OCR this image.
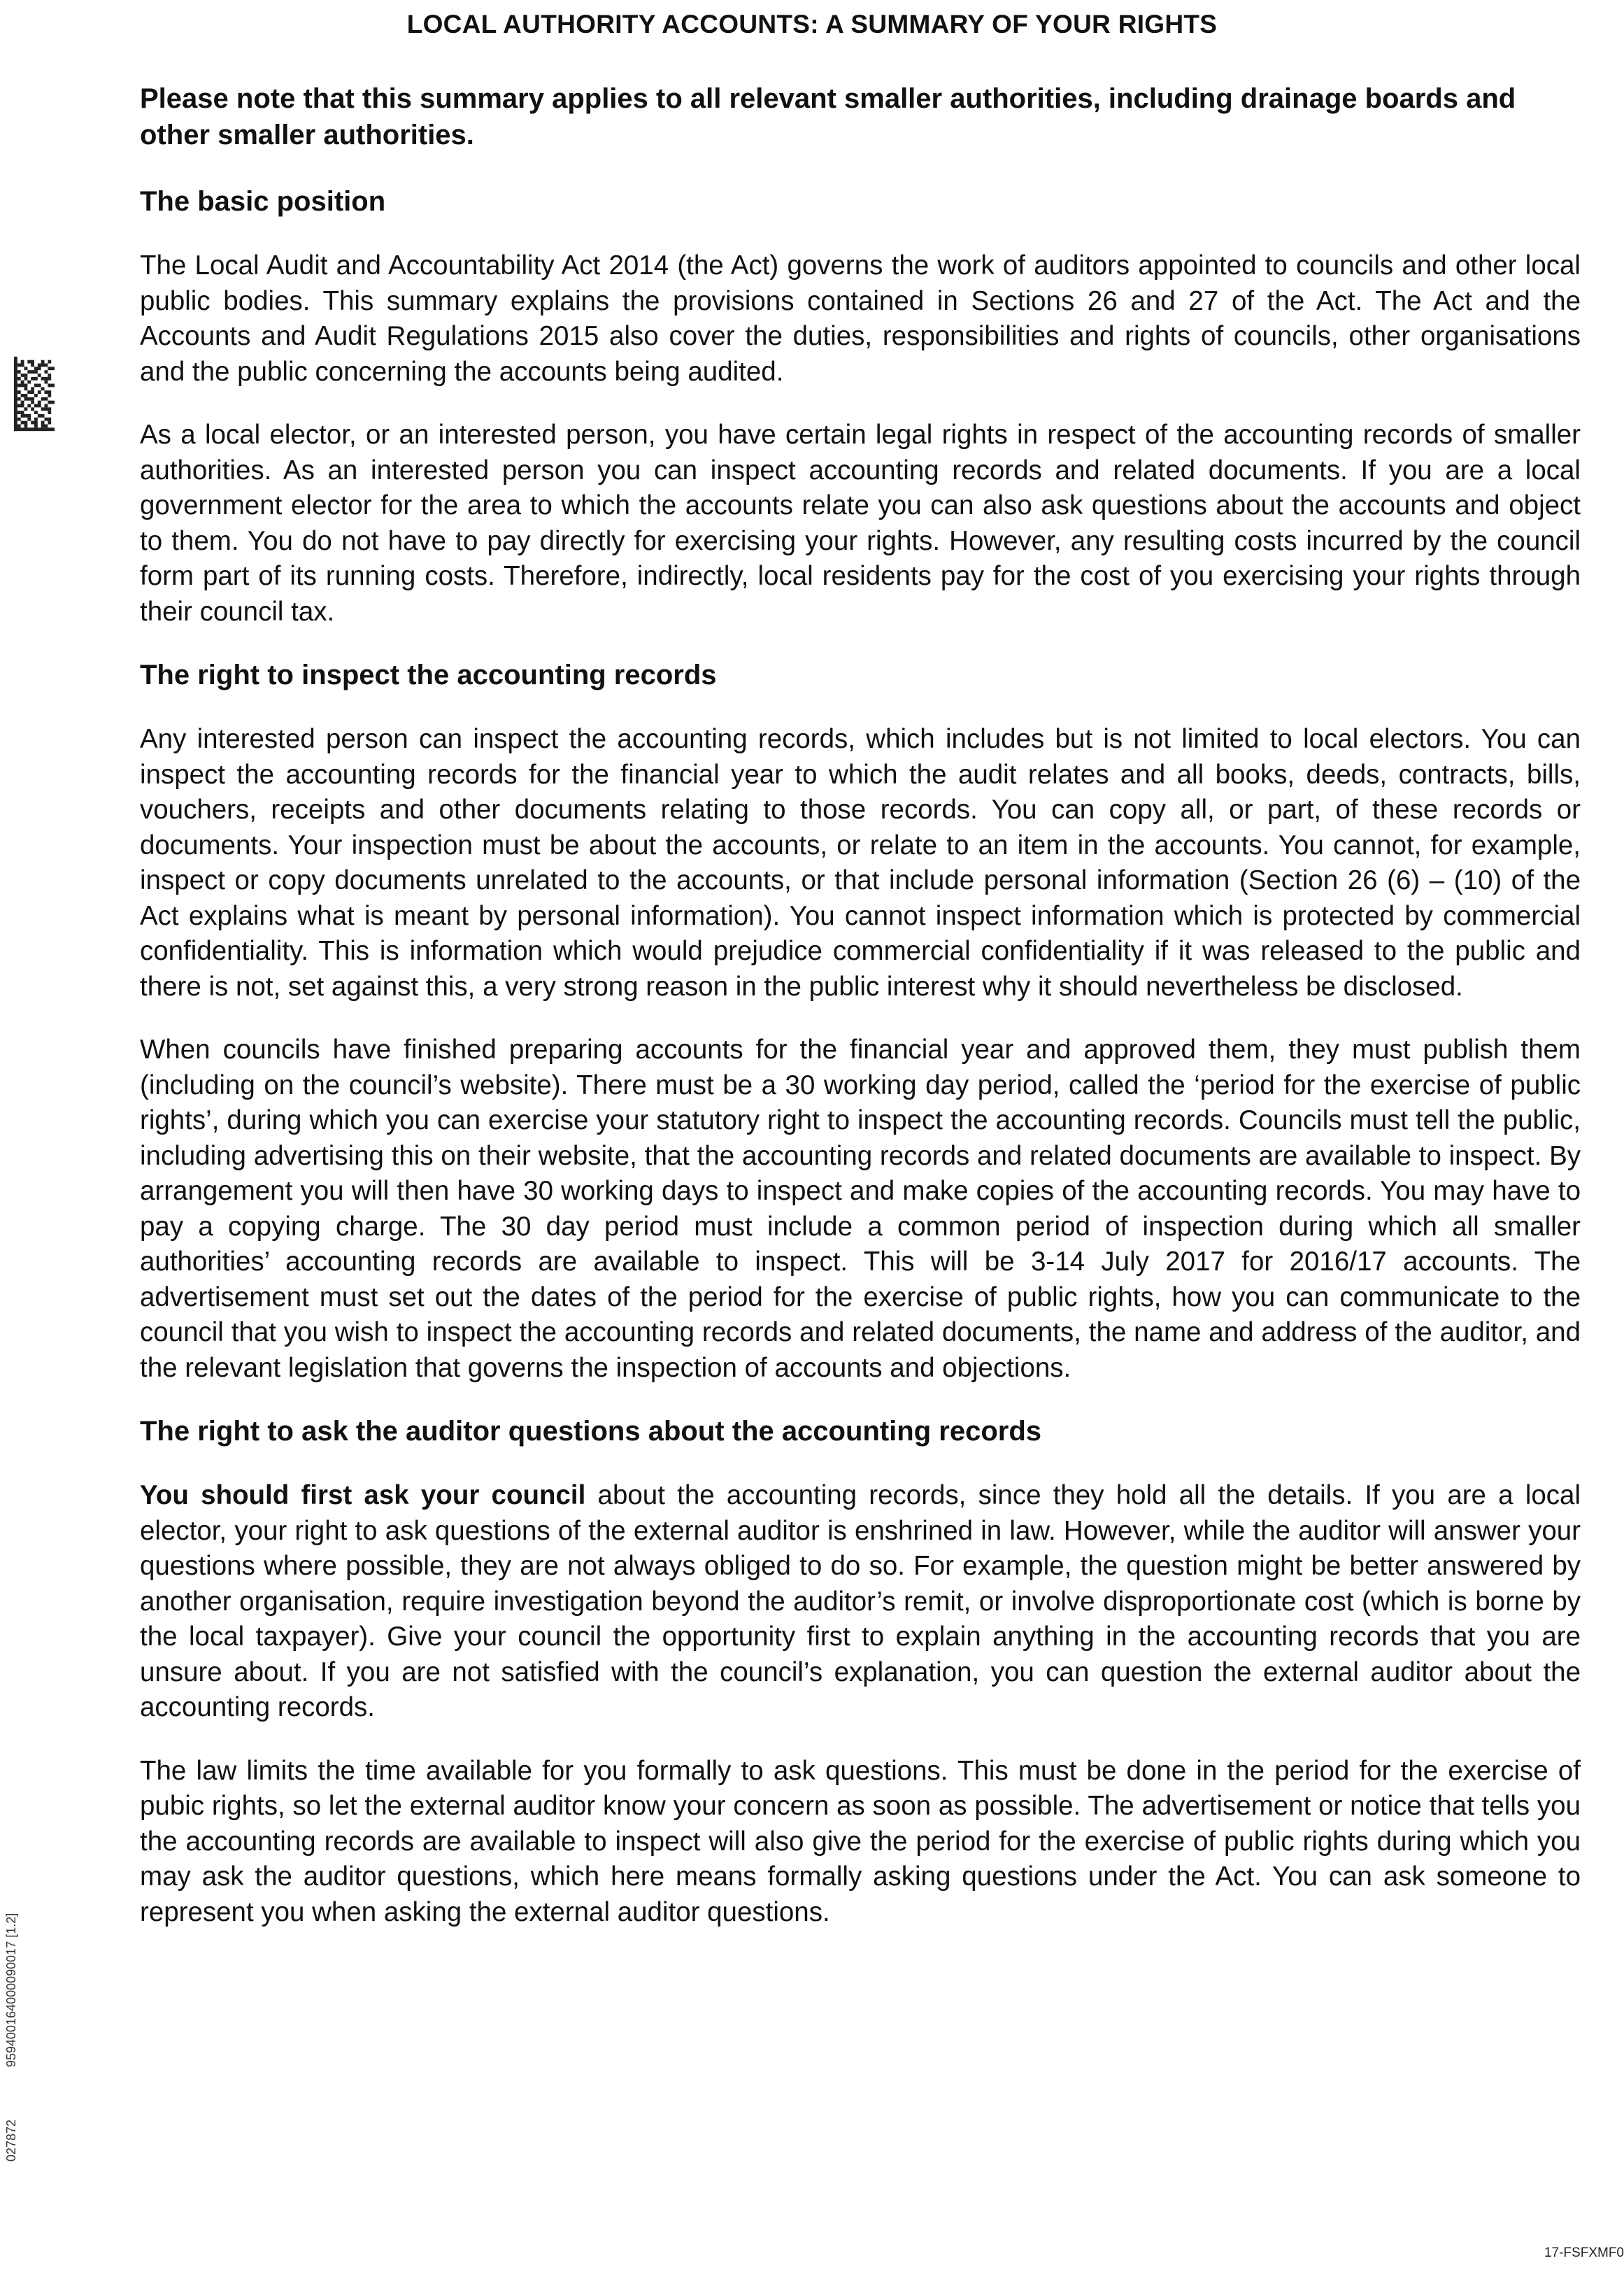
LOCAL AUTHORITY ACCOUNTS: A SUMMARY OF YOUR RIGHTS
959400164000090017 [1.2]
027872

Please note that this summary applies to all relevant smaller authorities, including drainage boards and other smaller authorities.

The basic position

The Local Audit and Accountability Act 2014 (the Act) governs the work of auditors appointed to councils and other local public bodies. This summary explains the provisions contained in Sections 26 and 27 of the Act. The Act and the Accounts and Audit Regulations 2015 also cover the duties, responsibilities and rights of councils, other organisations and the public concerning the accounts being audited.

As a local elector, or an interested person, you have certain legal rights in respect of the accounting records of smaller authorities. As an interested person you can inspect accounting records and related documents. If you are a local government elector for the area to which the accounts relate you can also ask questions about the accounts and object to them. You do not have to pay directly for exercising your rights. However, any resulting costs incurred by the council form part of its running costs. Therefore, indirectly, local residents pay for the cost of you exercising your rights through their council tax.

The right to inspect the accounting records

Any interested person can inspect the accounting records, which includes but is not limited to local electors. You can inspect the accounting records for the financial year to which the audit relates and all books, deeds, contracts, bills, vouchers, receipts and other documents relating to those records. You can copy all, or part, of these records or documents. Your inspection must be about the accounts, or relate to an item in the accounts. You cannot, for example, inspect or copy documents unrelated to the accounts, or that include personal information (Section 26 (6) – (10) of the Act explains what is meant by personal information). You cannot inspect information which is protected by commercial confidentiality. This is information which would prejudice commercial confidentiality if it was released to the public and there is not, set against this, a very strong reason in the public interest why it should nevertheless be disclosed.

When councils have finished preparing accounts for the financial year and approved them, they must publish them (including on the council’s website). There must be a 30 working day period, called the ‘period for the exercise of public rights’, during which you can exercise your statutory right to inspect the accounting records. Councils must tell the public, including advertising this on their website, that the accounting records and related documents are available to inspect. By arrangement you will then have 30 working days to inspect and make copies of the accounting records. You may have to pay a copying charge. The 30 day period must include a common period of inspection during which all smaller authorities’ accounting records are available to inspect. This will be 3-14 July 2017 for 2016/17 accounts. The advertisement must set out the dates of the period for the exercise of public rights, how you can communicate to the council that you wish to inspect the accounting records and related documents, the name and address of the auditor, and the relevant legislation that governs the inspection of accounts and objections.

The right to ask the auditor questions about the accounting records

You should first ask your council about the accounting records, since they hold all the details. If you are a local elector, your right to ask questions of the external auditor is enshrined in law. However, while the auditor will answer your questions where possible, they are not always obliged to do so. For example, the question might be better answered by another organisation, require investigation beyond the auditor’s remit, or involve disproportionate cost (which is borne by the local taxpayer). Give your council the opportunity first to explain anything in the accounting records that you are unsure about. If you are not satisfied with the council’s explanation, you can question the external auditor about the accounting records.

The law limits the time available for you formally to ask questions. This must be done in the period for the exercise of pubic rights, so let the external auditor know your concern as soon as possible. The advertisement or notice that tells you the accounting records are available to inspect will also give the period for the exercise of public rights during which you may ask the auditor questions, which here means formally asking questions under the Act. You can ask someone to represent you when asking the external auditor questions.

17-FSFXMF0
